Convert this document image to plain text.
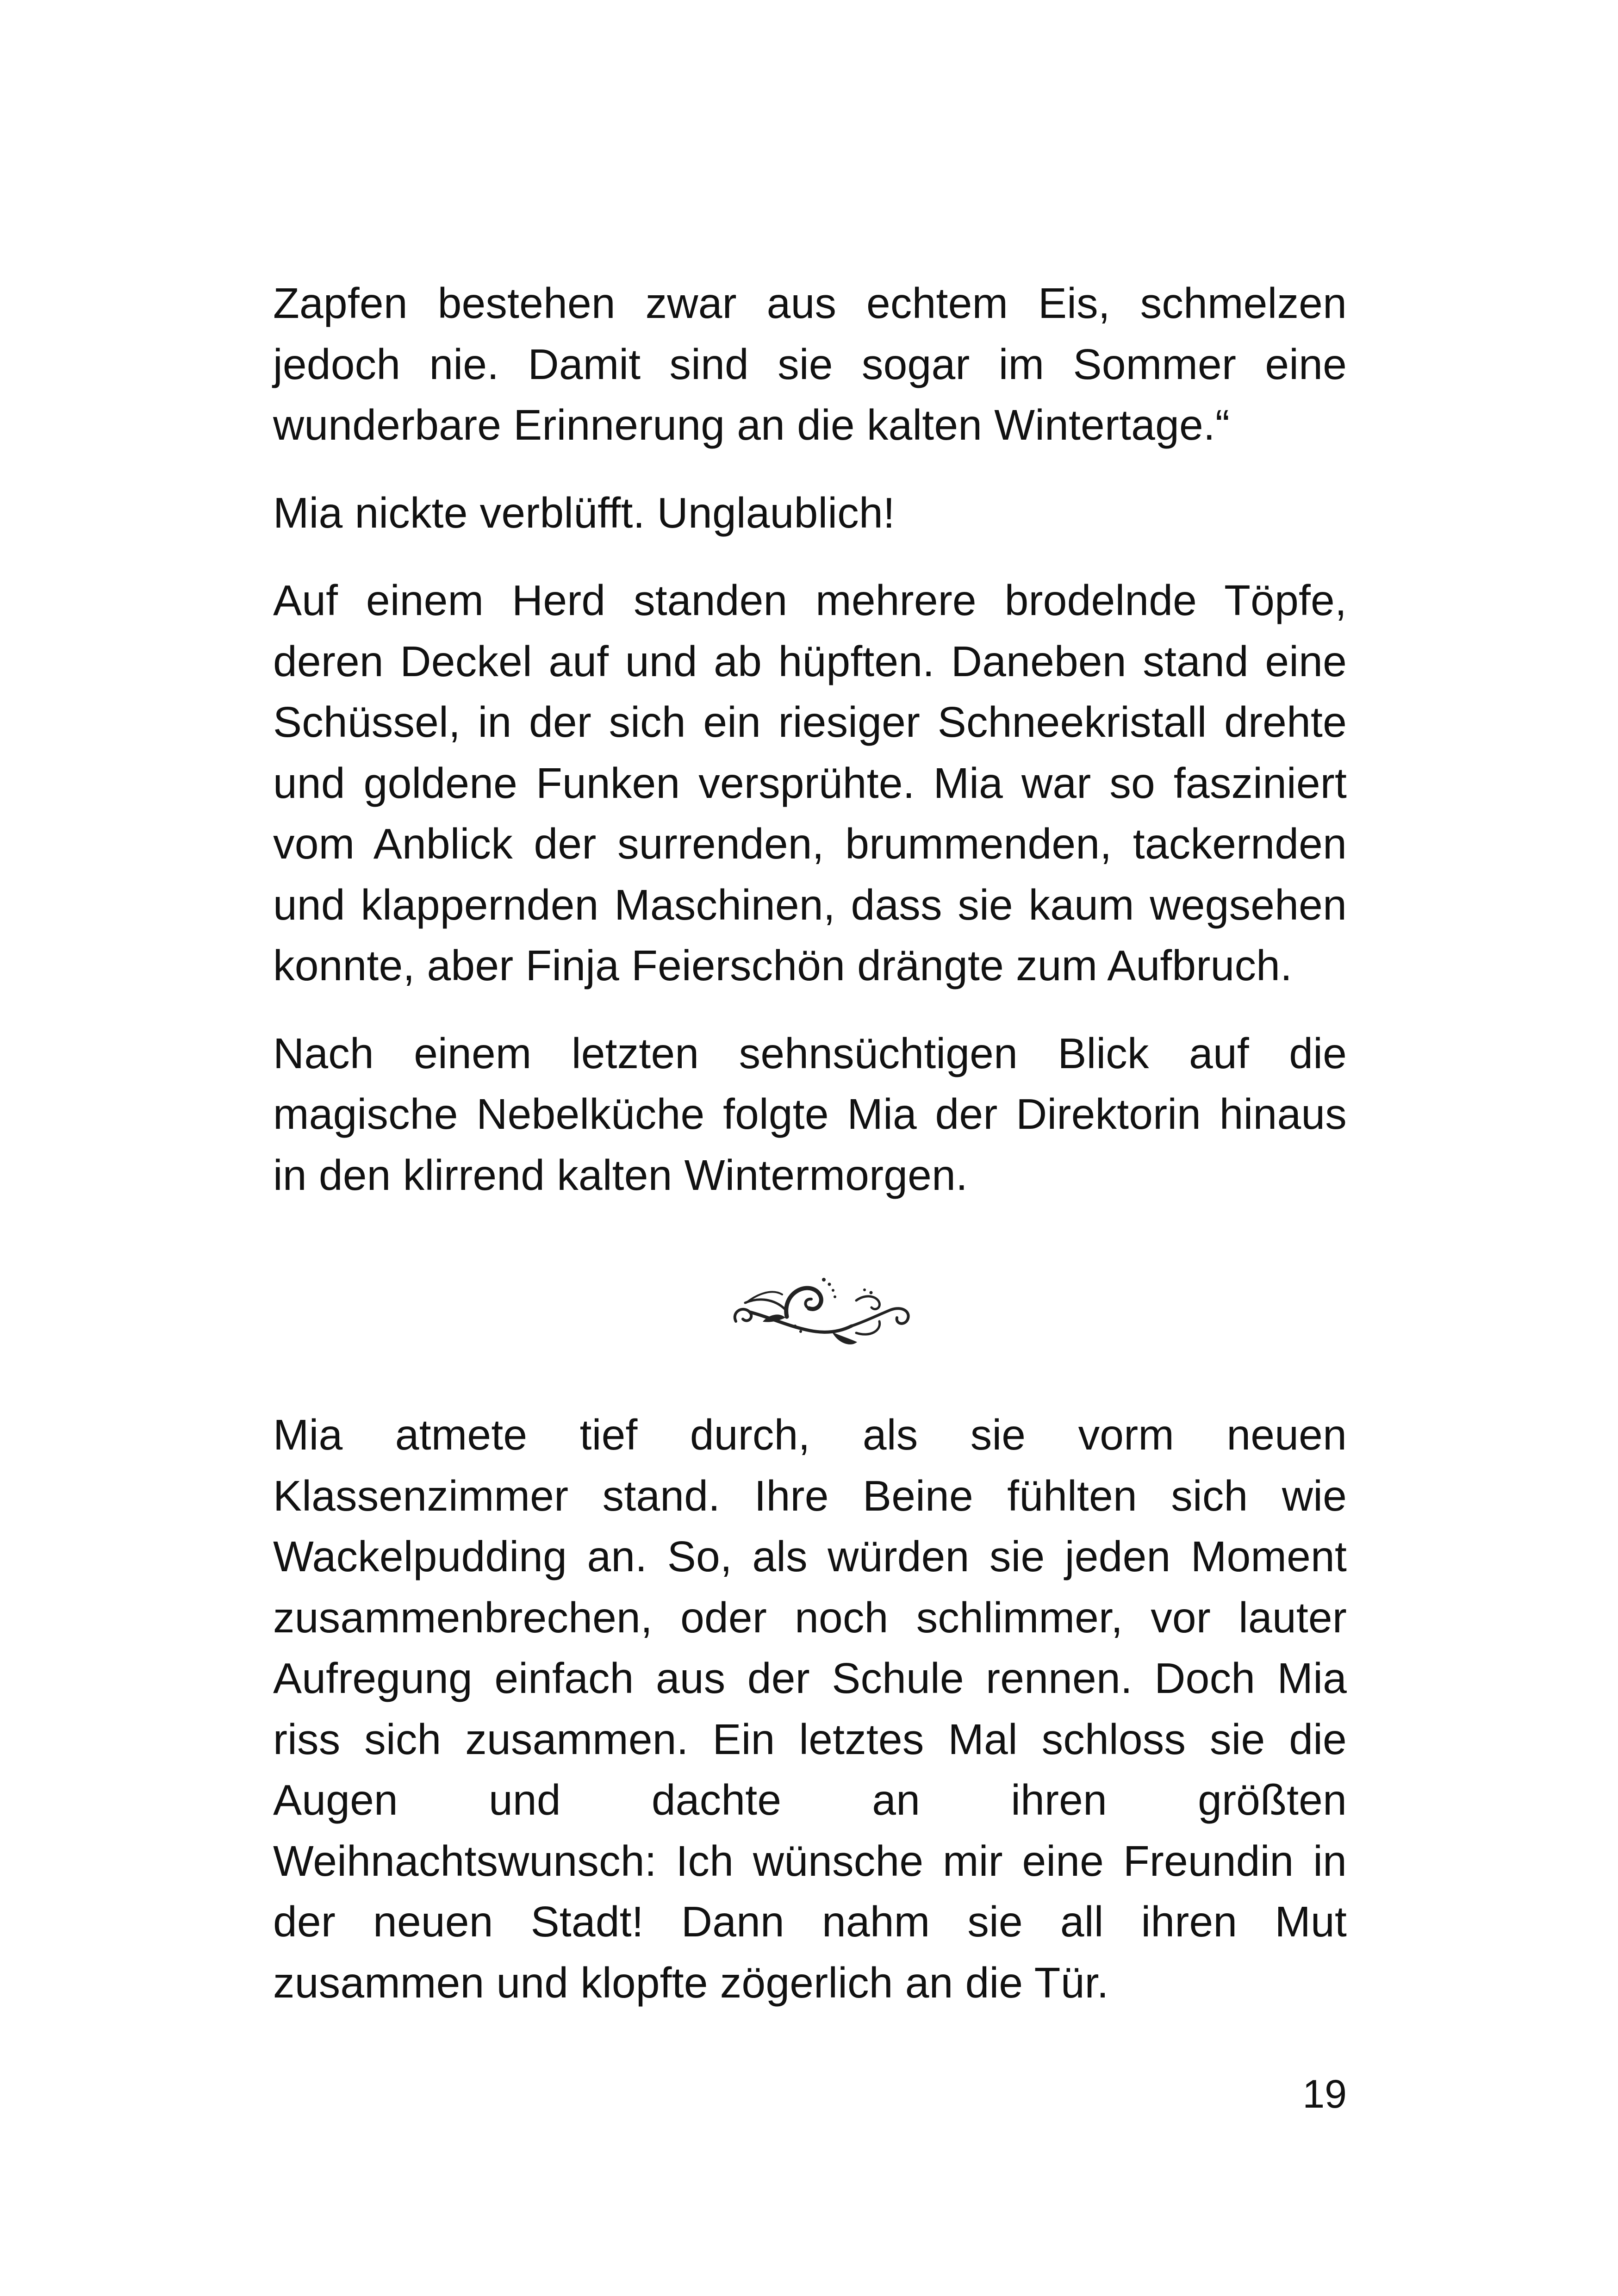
Zapfen bestehen zwar aus echtem Eis, schmelzen jedoch nie. Damit sind sie sogar im Sommer eine wunderbare Erinnerung an die kalten Wintertage.“

Mia nickte verblüfft. Unglaublich!

Auf einem Herd standen mehrere brodelnde Töpfe, deren Deckel auf und ab hüpften. Daneben stand eine Schüssel, in der sich ein riesiger Schneekristall drehte und goldene Funken versprühte. Mia war so fasziniert vom Anblick der surrenden, brummenden, tackernden und klappernden Maschinen, dass sie kaum wegsehen konnte, aber Finja Feierschön drängte zum Aufbruch.

Nach einem letzten sehnsüchtigen Blick auf die magische Nebelküche folgte Mia der Direktorin hinaus in den klirrend kalten Wintermorgen.

Mia atmete tief durch, als sie vorm neuen Klassenzimmer stand. Ihre Beine fühlten sich wie Wackelpudding an. So, als würden sie jeden Moment zusammenbrechen, oder noch schlimmer, vor lauter Aufregung einfach aus der Schule rennen. Doch Mia riss sich zusammen. Ein letztes Mal schloss sie die Augen und dachte an ihren größten Weihnachtswunsch: Ich wünsche mir eine Freundin in der neuen Stadt! Dann nahm sie all ihren Mut zusammen und klopfte zögerlich an die Tür.

19
